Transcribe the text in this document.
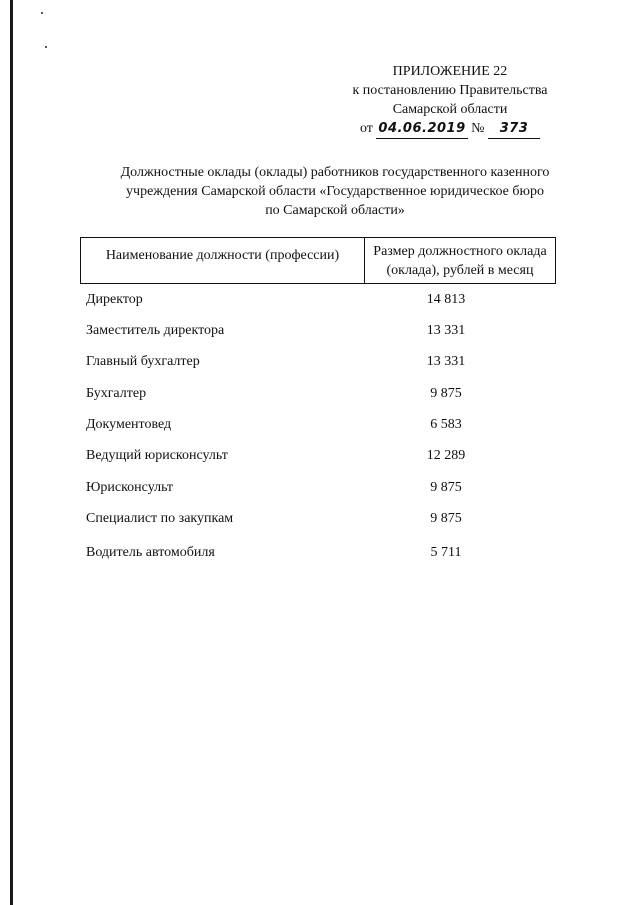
ПРИЛОЖЕНИЕ 22
к постановлению Правительства
Самарской области
от 04.06.2019 № 373
Должностные оклады (оклады) работников государственного казенного
учреждения Самарской области «Государственное юридическое бюро
по Самарской области»
Наименование должности (профессии)	Размер должностного оклада (оклада), рублей в месяц
Директор	14 813
Заместитель директора	13 331
Главный бухгалтер	13 331
Бухгалтер	9 875
Документовед	6 583
Ведущий юрисконсульт	12 289
Юрисконсульт	9 875
Специалист по закупкам	9 875
Водитель автомобиля	5 711
